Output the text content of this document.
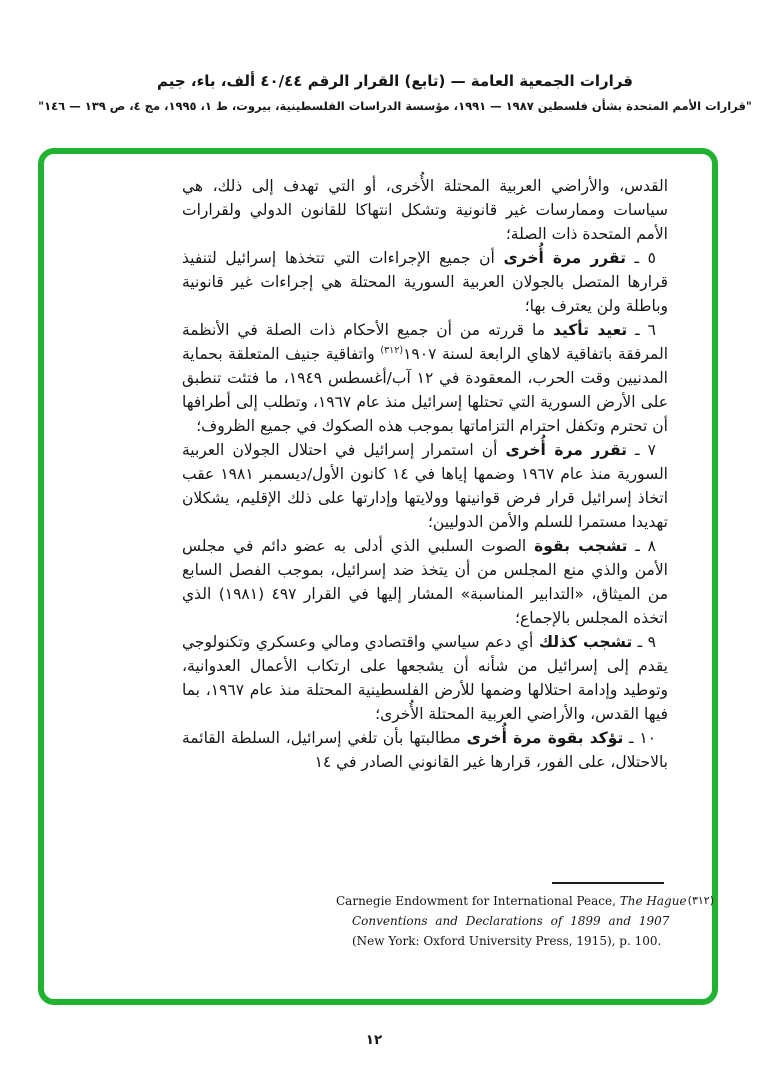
قرارات الجمعية العامة — (تابع) القرار الرقم ٤٠/٤٤ ألف، باء، جيم
"قرارات الأمم المتحدة بشأن فلسطين ١٩٨٧ — ١٩٩١، مؤسسة الدراسات الفلسطينية، بيروت، ط ١، ١٩٩٥، مج ٤، ص ١٣٩ — ١٤٦"

القدس، والأراضي العربية المحتلة الأُخرى، أو التي تهدف إلى ذلك، هي سياسات وممارسات غير قانونية وتشكل انتهاكا للقانون الدولي ولقرارات الأمم المتحدة ذات الصلة؛

٥ ـ تقرر مرة أُخرى أن جميع الإجراءات التي تتخذها إسرائيل لتنفيذ قرارها المتصل بالجولان العربية السورية المحتلة هي إجراءات غير قانونية وباطلة ولن يعترف بها؛

٦ ـ تعيد تأكيد ما قررته من أن جميع الأحكام ذات الصلة في الأنظمة المرفقة باتفاقية لاهاي الرابعة لسنة ١٩٠٧$^{(٣١٢)}$ واتفاقية جنيف المتعلقة بحماية المدنيين وقت الحرب، المعقودة في ١٢ آب/أغسطس ١٩٤٩، ما فتئت تنطبق على الأرض السورية التي تحتلها إسرائيل منذ عام ١٩٦٧، وتطلب إلى أطرافها أن تحترم وتكفل احترام التزاماتها بموجب هذه الصكوك في جميع الظروف؛

٧ ـ تقرر مرة أُخرى أن استمرار إسرائيل في احتلال الجولان العربية السورية منذ عام ١٩٦٧ وضمها إياها في ١٤ كانون الأول/ديسمبر ١٩٨١ عقب اتخاذ إسرائيل قرار فرض قوانينها وولايتها وإدارتها على ذلك الإقليم، يشكلان تهديدا مستمرا للسلم والأمن الدوليين؛

٨ ـ تشجب بقوة الصوت السلبي الذي أدلى به عضو دائم في مجلس الأمن والذي منع المجلس من أن يتخذ ضد إسرائيل، بموجب الفصل السابع من الميثاق، «التدابير المناسبة» المشار إليها في القرار ٤٩٧ (١٩٨١) الذي اتخذه المجلس بالإجماع؛

٩ ـ تشجب كذلك أي دعم سياسي واقتصادي ومالي وعسكري وتكنولوجي يقدم إلى إسرائيل من شأنه أن يشجعها على ارتكاب الأعمال العدوانية، وتوطيد وإدامة احتلالها وضمها للأرض الفلسطينية المحتلة منذ عام ١٩٦٧، بما فيها القدس، والأراضي العربية المحتلة الأُخرى؛

١٠ ـ تؤكد بقوة مرة أُخرى مطالبتها بأن تلغي إسرائيل، السلطة القائمة بالاحتلال، على الفور، قرارها غير القانوني الصادر في ١٤

Carnegie Endowment for International Peace, The Hague (٣١٢)
Conventions and Declarations of 1899 and 1907
(New York: Oxford University Press, 1915), p. 100.
١٢
